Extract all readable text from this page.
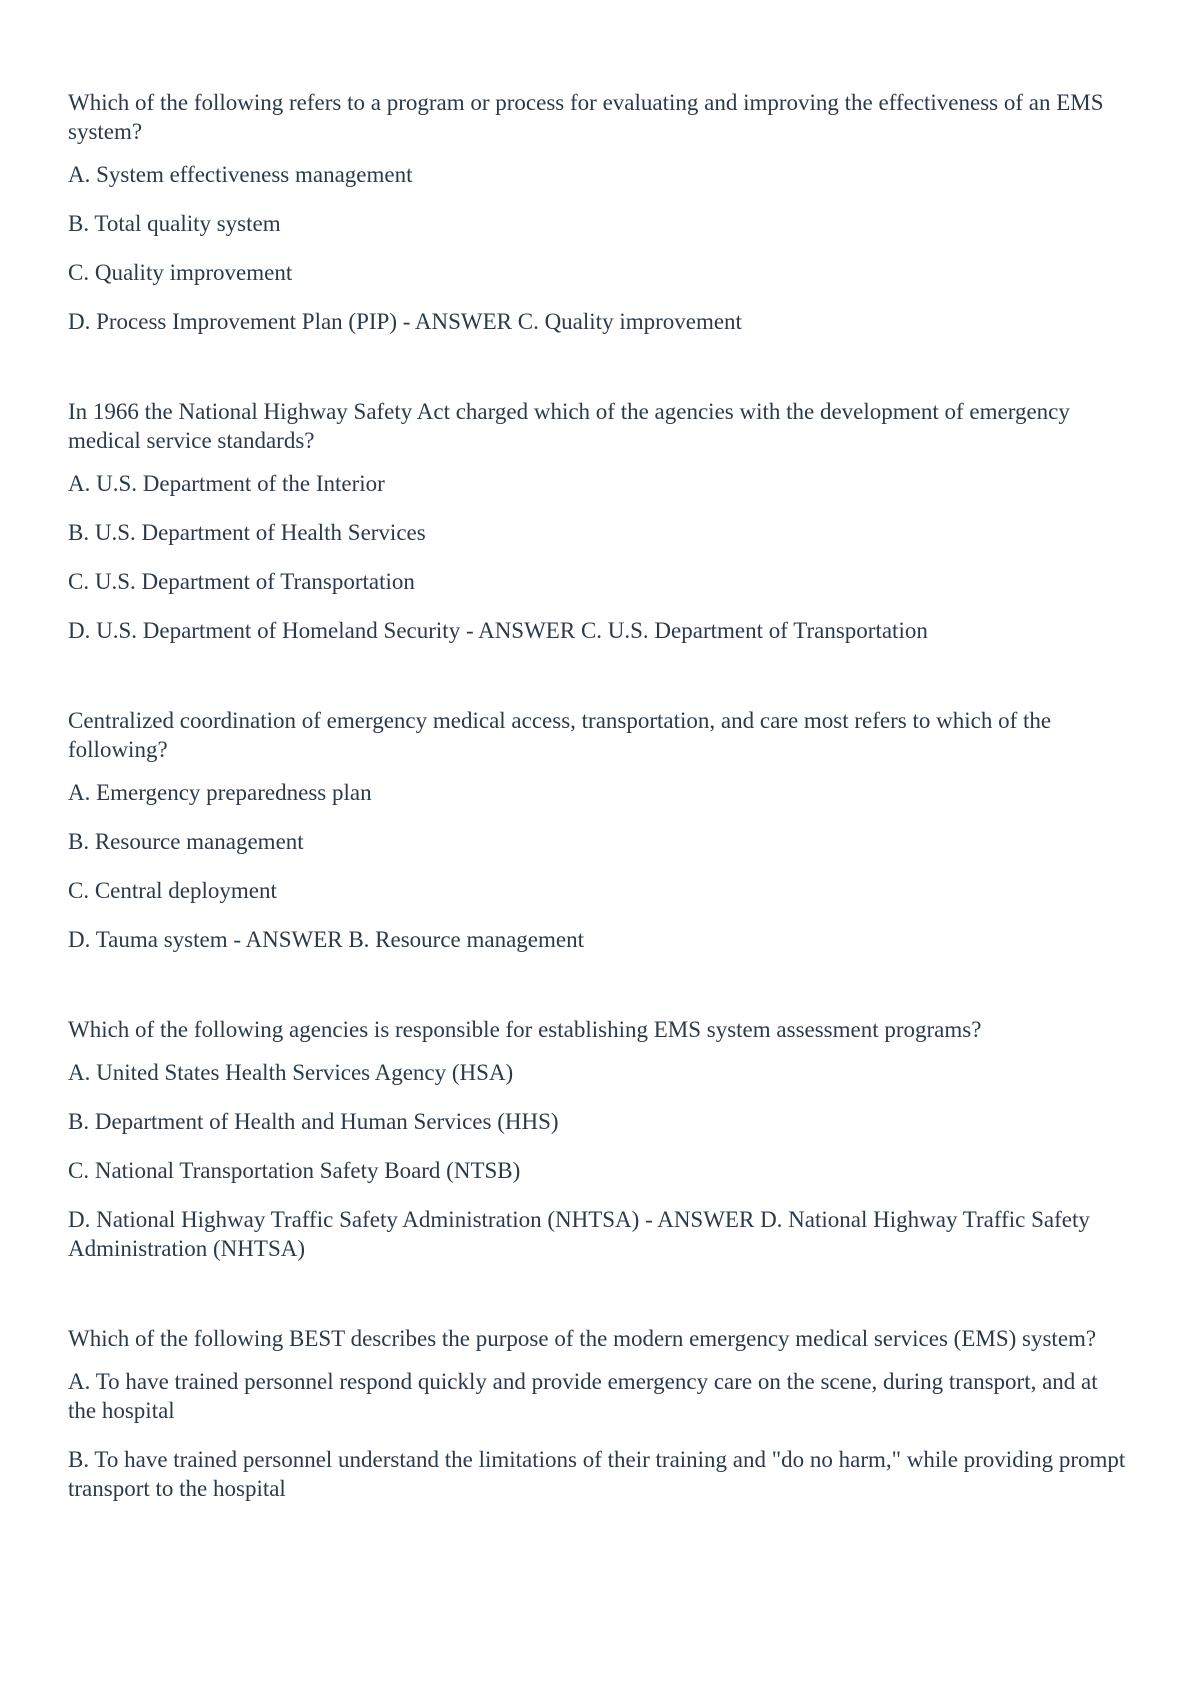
Which of the following refers to a program or process for evaluating and improving the effectiveness of an EMS system?

A. System effectiveness management

B. Total quality system

C. Quality improvement

D. Process Improvement Plan (PIP) - ANSWER C. Quality improvement

In 1966 the National Highway Safety Act charged which of the agencies with the development of emergency medical service standards?

A. U.S. Department of the Interior

B. U.S. Department of Health Services

C. U.S. Department of Transportation

D. U.S. Department of Homeland Security - ANSWER C. U.S. Department of Transportation

Centralized coordination of emergency medical access, transportation, and care most refers to which of the following?

A. Emergency preparedness plan

B. Resource management

C. Central deployment

D. Tauma system - ANSWER B. Resource management

Which of the following agencies is responsible for establishing EMS system assessment programs?

A. United States Health Services Agency (HSA)

B. Department of Health and Human Services (HHS)

C. National Transportation Safety Board (NTSB)

D. National Highway Traffic Safety Administration (NHTSA) - ANSWER D. National Highway Traffic Safety Administration (NHTSA)

Which of the following BEST describes the purpose of the modern emergency medical services (EMS) system?

A. To have trained personnel respond quickly and provide emergency care on the scene, during transport, and at the hospital

B. To have trained personnel understand the limitations of their training and "do no harm," while providing prompt transport to the hospital
